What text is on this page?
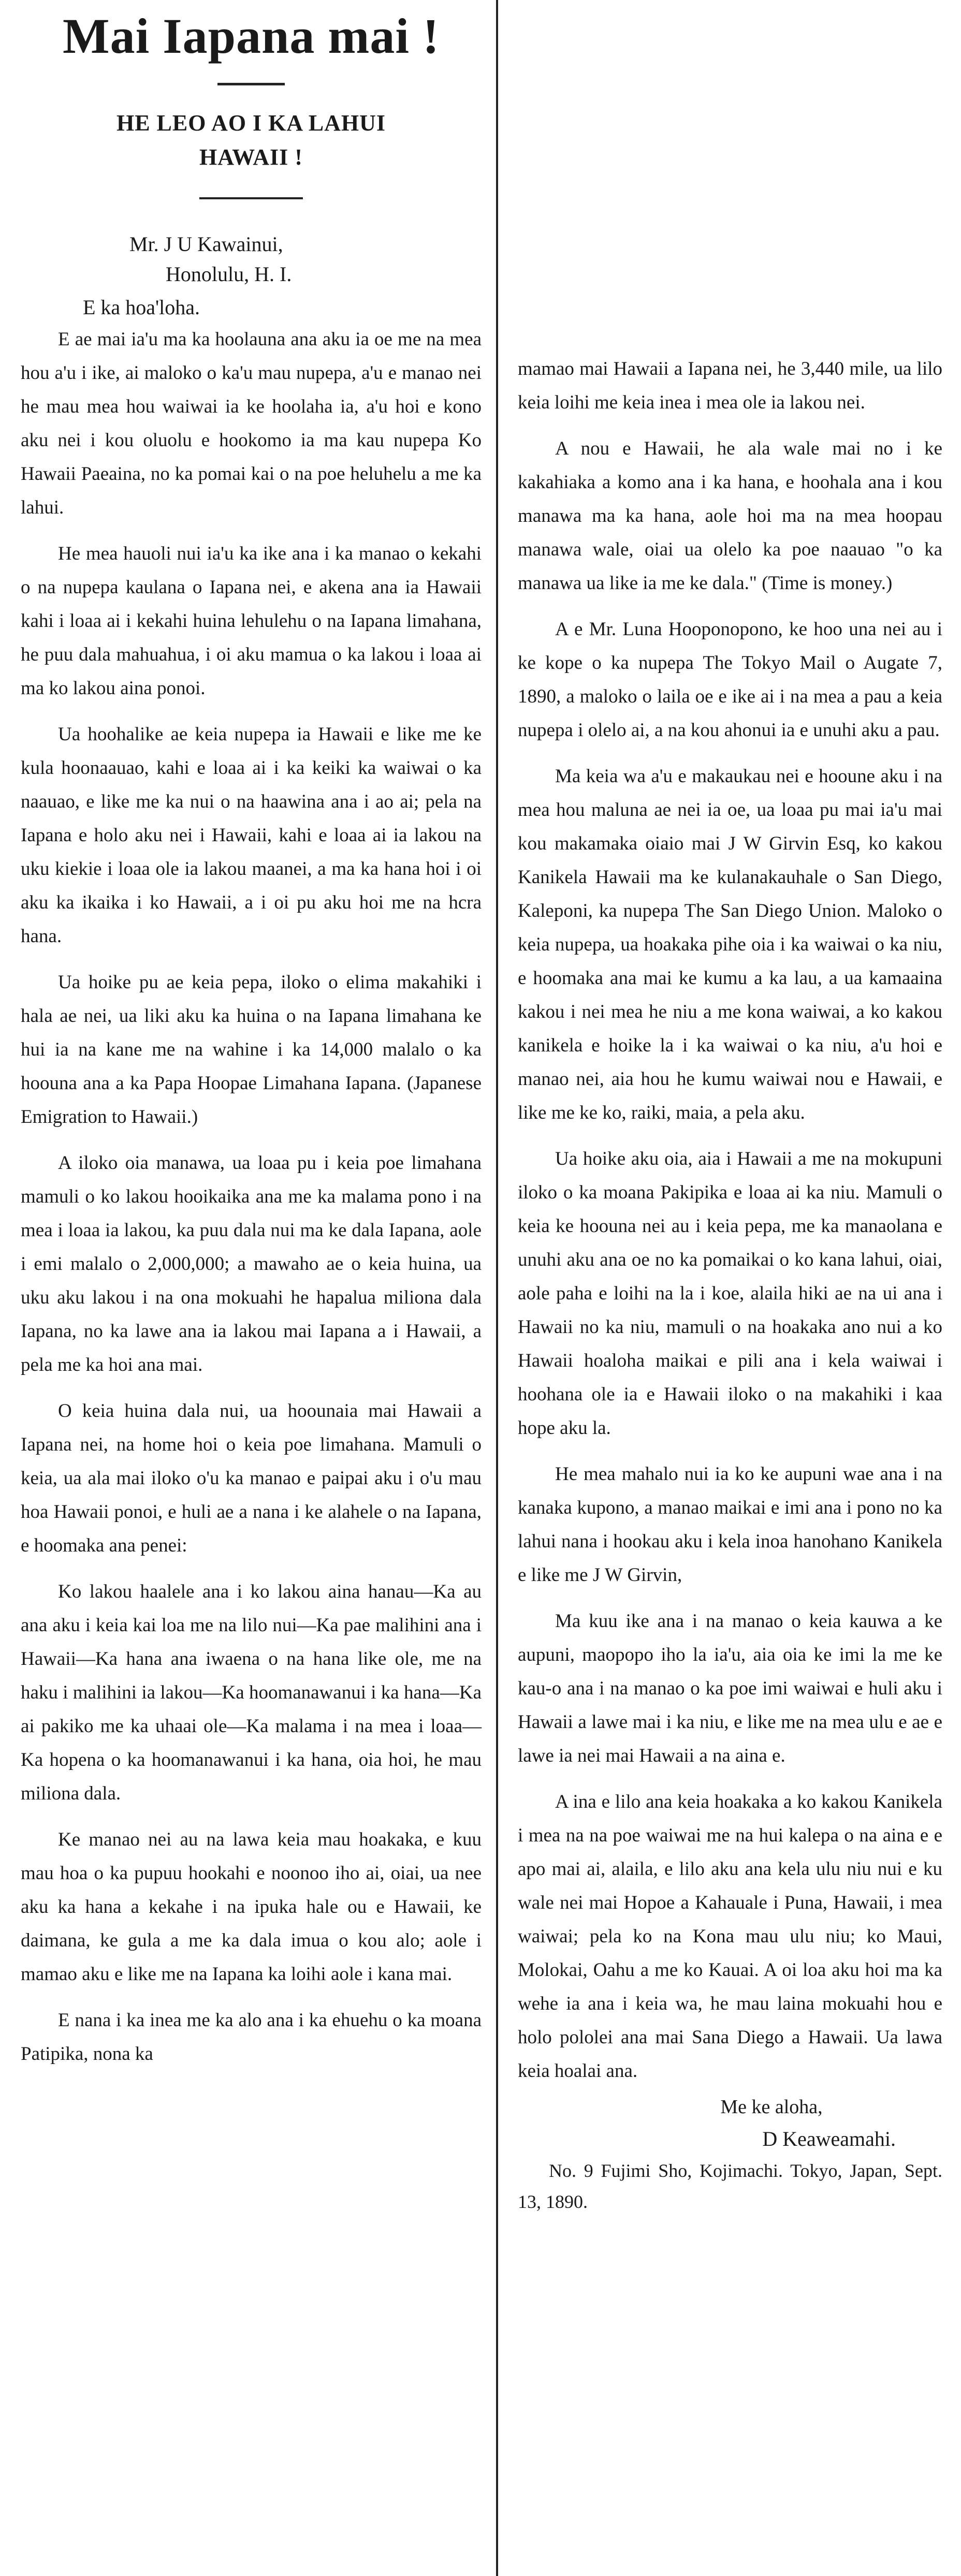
Mai Iapana mai !
HE LEO AO I KA LAHUI
HAWAII !
Mr. J U Kawainui,
Honolulu, H. I.
E ka hoa'loha.

E ae mai ia'u ma ka hoolauna ana aku ia oe me na mea hou a'u i ike, ai maloko o ka'u mau nupepa, a'u e manao nei he mau mea hou waiwai ia ke hoolaha ia, a'u hoi e kono aku nei i kou oluolu e hookomo ia ma kau nupepa Ko Hawaii Paeaina, no ka pomai kai o na poe heluhelu a me ka lahui.

He mea hauoli nui ia'u ka ike ana i ka manao o kekahi o na nupepa kaulana o Iapana nei, e akena ana ia Hawaii kahi i loaa ai i kekahi huina lehulehu o na Iapana limahana, he puu dala mahuahua, i oi aku mamua o ka lakou i loaa ai ma ko lakou aina ponoi.

Ua hoohalike ae keia nupepa ia Hawaii e like me ke kula hoonaauao, kahi e loaa ai i ka keiki ka waiwai o ka naauao, e like me ka nui o na haawina ana i ao ai; pela na Iapana e holo aku nei i Hawaii, kahi e loaa ai ia lakou na uku kiekie i loaa ole ia lakou maanei, a ma ka hana hoi i oi aku ka ikaika i ko Hawaii, a i oi pu aku hoi me na hcra hana.

Ua hoike pu ae keia pepa, iloko o elima makahiki i hala ae nei, ua liki aku ka huina o na Iapana limahana ke hui ia na kane me na wahine i ka 14,000 malalo o ka hoouna ana a ka Papa Hoopae Limahana Iapana. (Japanese Emigration to Hawaii.)

A iloko oia manawa, ua loaa pu i keia poe limahana mamuli o ko lakou hooikaika ana me ka malama pono i na mea i loaa ia lakou, ka puu dala nui ma ke dala Iapana, aole i emi malalo o 2,000,000; a mawaho ae o keia huina, ua uku aku lakou i na ona mokuahi he hapalua miliona dala Iapana, no ka lawe ana ia lakou mai Iapana a i Hawaii, a pela me ka hoi ana mai.

O keia huina dala nui, ua hoounaia mai Hawaii a Iapana nei, na home hoi o keia poe limahana. Mamuli o keia, ua ala mai iloko o'u ka manao e paipai aku i o'u mau hoa Hawaii ponoi, e huli ae a nana i ke alahele o na Iapana, e hoomaka ana penei:

Ko lakou haalele ana i ko lakou aina hanau—Ka au ana aku i keia kai loa me na lilo nui—Ka pae malihini ana i Hawaii—Ka hana ana iwaena o na hana like ole, me na haku i malihini ia lakou—Ka hoomanawanui i ka hana—Ka ai pakiko me ka uhaai ole—Ka malama i na mea i loaa—Ka hopena o ka hoomanawanui i ka hana, oia hoi, he mau miliona dala.

Ke manao nei au na lawa keia mau hoakaka, e kuu mau hoa o ka pupuu hookahi e noonoo iho ai, oiai, ua nee aku ka hana a kekahe i na ipuka hale ou e Hawaii, ke daimana, ke gula a me ka dala imua o kou alo; aole i mamao aku e like me na Iapana ka loihi aole i kana mai.

E nana i ka inea me ka alo ana i ka ehuehu o ka moana Patipika, nona ka

mamao mai Hawaii a Iapana nei, he 3,440 mile, ua lilo keia loihi me keia inea i mea ole ia lakou nei.

A nou e Hawaii, he ala wale mai no i ke kakahiaka a komo ana i ka hana, e hoohala ana i kou manawa ma ka hana, aole hoi ma na mea hoopau manawa wale, oiai ua olelo ka poe naauao "o ka manawa ua like ia me ke dala." (Time is money.)

A e Mr. Luna Hooponopono, ke hoo una nei au i ke kope o ka nupepa The Tokyo Mail o Augate 7, 1890, a maloko o laila oe e ike ai i na mea a pau a keia nupepa i olelo ai, a na kou ahonui ia e unuhi aku a pau.

Ma keia wa a'u e makaukau nei e hooune aku i na mea hou maluna ae nei ia oe, ua loaa pu mai ia'u mai kou makamaka oiaio mai J W Girvin Esq, ko kakou Kanikela Hawaii ma ke kulanakauhale o San Diego, Kaleponi, ka nupepa The San Diego Union. Maloko o keia nupepa, ua hoakaka pihe oia i ka waiwai o ka niu, e hoomaka ana mai ke kumu a ka lau, a ua kamaaina kakou i nei mea he niu a me kona waiwai, a ko kakou kanikela e hoike la i ka waiwai o ka niu, a'u hoi e manao nei, aia hou he kumu waiwai nou e Hawaii, e like me ke ko, raiki, maia, a pela aku.

Ua hoike aku oia, aia i Hawaii a me na mokupuni iloko o ka moana Pakipika e loaa ai ka niu. Mamuli o keia ke hoouna nei au i keia pepa, me ka manaolana e unuhi aku ana oe no ka pomaikai o ko kana lahui, oiai, aole paha e loihi na la i koe, alaila hiki ae na ui ana i Hawaii no ka niu, mamuli o na hoakaka ano nui a ko Hawaii hoaloha maikai e pili ana i kela waiwai i hoohana ole ia e Hawaii iloko o na makahiki i kaa hope aku la.

He mea mahalo nui ia ko ke aupuni wae ana i na kanaka kupono, a manao maikai e imi ana i pono no ka lahui nana i hookau aku i kela inoa hanohano Kanikela e like me J W Girvin,

Ma kuu ike ana i na manao o keia kauwa a ke aupuni, maopopo iho la ia'u, aia oia ke imi la me ke kau-o ana i na manao o ka poe imi waiwai e huli aku i Hawaii a lawe mai i ka niu, e like me na mea ulu e ae e lawe ia nei mai Hawaii a na aina e.

A ina e lilo ana keia hoakaka a ko kakou Kanikela i mea na na poe waiwai me na hui kalepa o na aina e e apo mai ai, alaila, e lilo aku ana kela ulu niu nui e ku wale nei mai Hopoe a Kahauale i Puna, Hawaii, i mea waiwai; pela ko na Kona mau ulu niu; ko Maui, Molokai, Oahu a me ko Kauai. A oi loa aku hoi ma ka wehe ia ana i keia wa, he mau laina mokuahi hou e holo pololei ana mai Sana Diego a Hawaii. Ua lawa keia hoalai ana.

Me ke aloha,
D Keaweamahi.
No. 9 Fujimi Sho, Kojimachi. Tokyo, Japan, Sept. 13, 1890.
